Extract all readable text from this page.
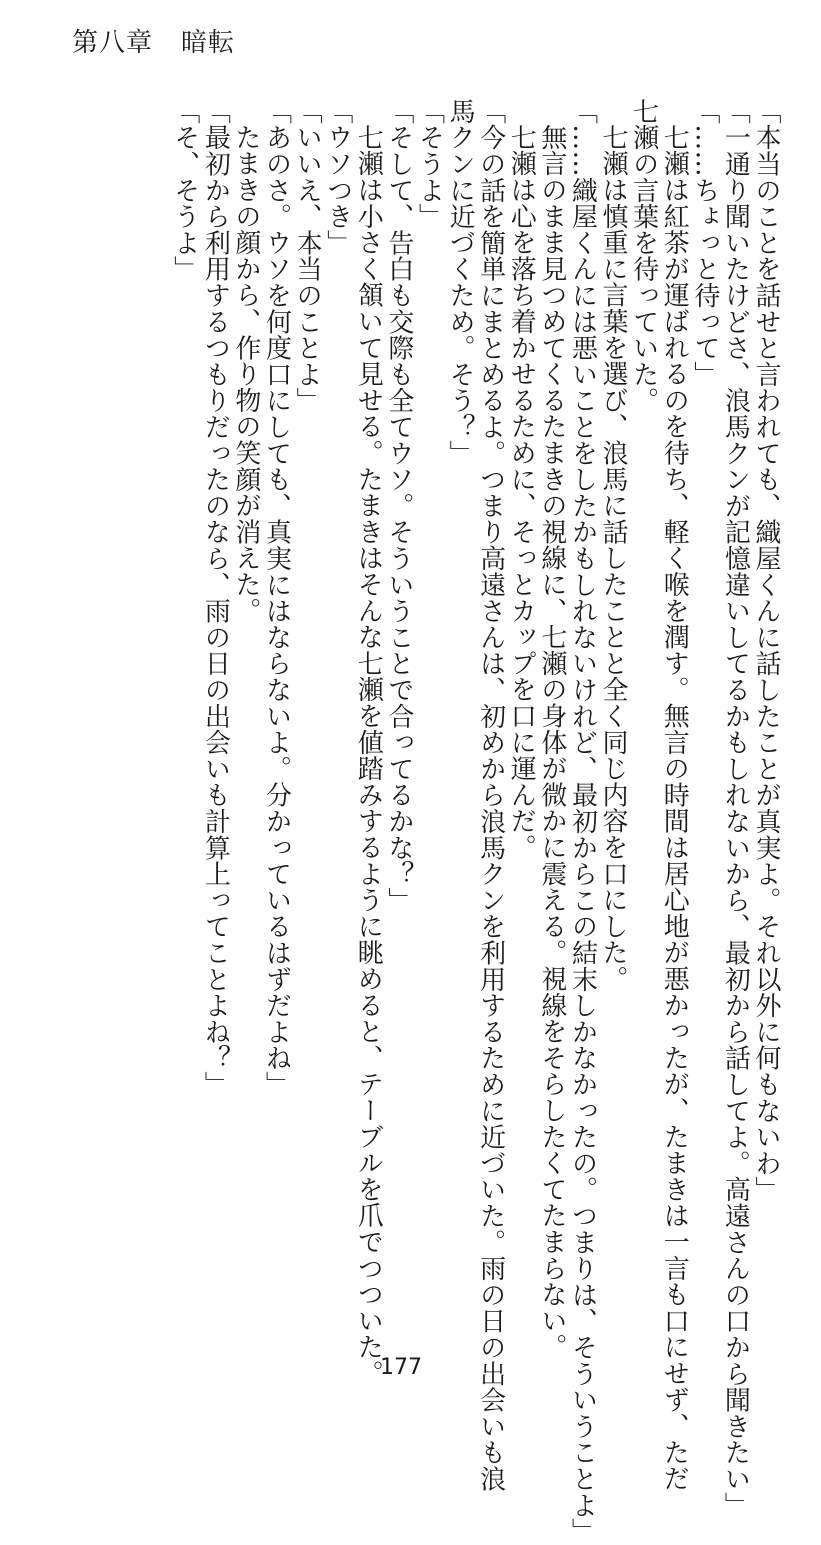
第八章 暗転

「本当のことを話せと言われても、織屋くんに話したことが真実よ。それ以外に何もないわ」

「一通り聞いたけどさ、浪馬クンが記憶違いしてるかもしれないから、最初から話してよ。高遠さんの口から聞きたい」

「……ちょっと待って」

七瀬は紅茶が運ばれるのを待ち、軽く喉を潤す。無言の時間は居心地が悪かったが、たまきは一言も口にせず、ただ

七瀬の言葉を待っていた。

七瀬は慎重に言葉を選び、浪馬に話したことと全く同じ内容を口にした。

「……織屋くんには悪いことをしたかもしれないけれど、最初からこの結末しかなかったの。つまりは、そういうことよ」

無言のまま見つめてくるたまきの視線に、七瀬の身体が微かに震える。視線をそらしたくてたまらない。

七瀬は心を落ち着かせるために、そっとカップを口に運んだ。

「今の話を簡単にまとめるよ。つまり高遠さんは、初めから浪馬クンを利用するために近づいた。雨の日の出会いも浪

馬クンに近づくため。そう？」

「そうよ」

「そして、告白も交際も全てウソ。そういうことで合ってるかな？」

七瀬は小さく頷いて見せる。たまきはそんな七瀬を値踏みするように眺めると、テーブルを爪でつついた。

「ウソつき」

「いいえ、本当のことよ」

「あのさ。ウソを何度口にしても、真実にはならないよ。分かっているはずだよね」

たまきの顔から、作り物の笑顔が消えた。

「最初から利用するつもりだったのなら、雨の日の出会いも計算上ってことよね？」

「そ、そうよ」

177
